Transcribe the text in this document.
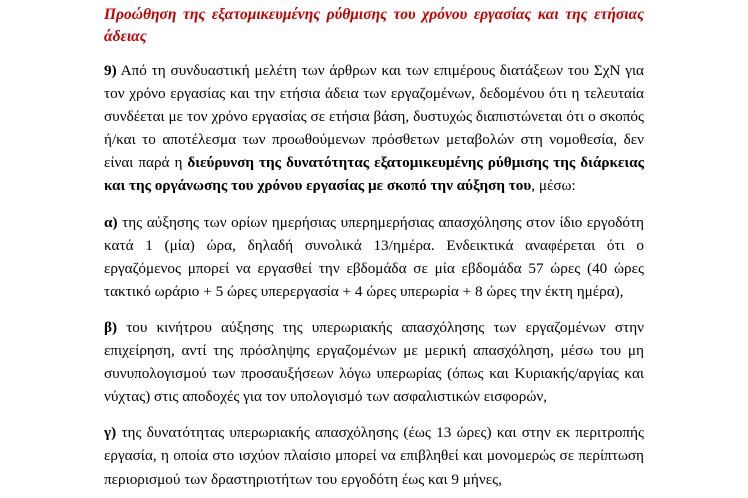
Προώθηση της εξατομικευμένης ρύθμισης του χρόνου εργασίας και της ετήσιας άδειας

9) Από τη συνδυαστική μελέτη των άρθρων και των επιμέρους διατάξεων του ΣχΝ για τον χρόνο εργασίας και την ετήσια άδεια των εργαζομένων, δεδομένου ότι η τελευταία συνδέεται με τον χρόνο εργασίας σε ετήσια βάση, δυστυχώς διαπιστώνεται ότι ο σκοπός ή/και το αποτέλεσμα των προωθούμενων πρόσθετων μεταβολών στη νομοθεσία, δεν είναι παρά η διεύρυνση της δυνατότητας εξατομικευμένης ρύθμισης της διάρκειας και της οργάνωσης του χρόνου εργασίας με σκοπό την αύξηση του, μέσω:

α) της αύξησης των ορίων ημερήσιας υπερημερήσιας απασχόλησης στον ίδιο εργοδότη κατά 1 (μία) ώρα, δηλαδή συνολικά 13/ημέρα. Ενδεικτικά αναφέρεται ότι ο εργαζόμενος μπορεί να εργασθεί την εβδομάδα σε μία εβδομάδα 57 ώρες (40 ώρες τακτικό ωράριο + 5 ώρες υπερεργασία + 4 ώρες υπερωρία + 8 ώρες την έκτη ημέρα),

β) του κινήτρου αύξησης της υπερωριακής απασχόλησης των εργαζομένων στην επιχείρηση, αντί της πρόσληψης εργαζομένων με μερική απασχόληση, μέσω του μη συνυπολογισμού των προσαυξήσεων λόγω υπερωρίας (όπως και Κυριακής/αργίας και νύχτας) στις αποδοχές για τον υπολογισμό των ασφαλιστικών εισφορών,

γ) της δυνατότητας υπερωριακής απασχόλησης (έως 13 ώρες) και στην εκ περιτροπής εργασία, η οποία στο ισχύον πλαίσιο μπορεί να επιβληθεί και μονομερώς σε περίπτωση περιορισμού των δραστηριοτήτων του εργοδότη έως και 9 μήνες,
